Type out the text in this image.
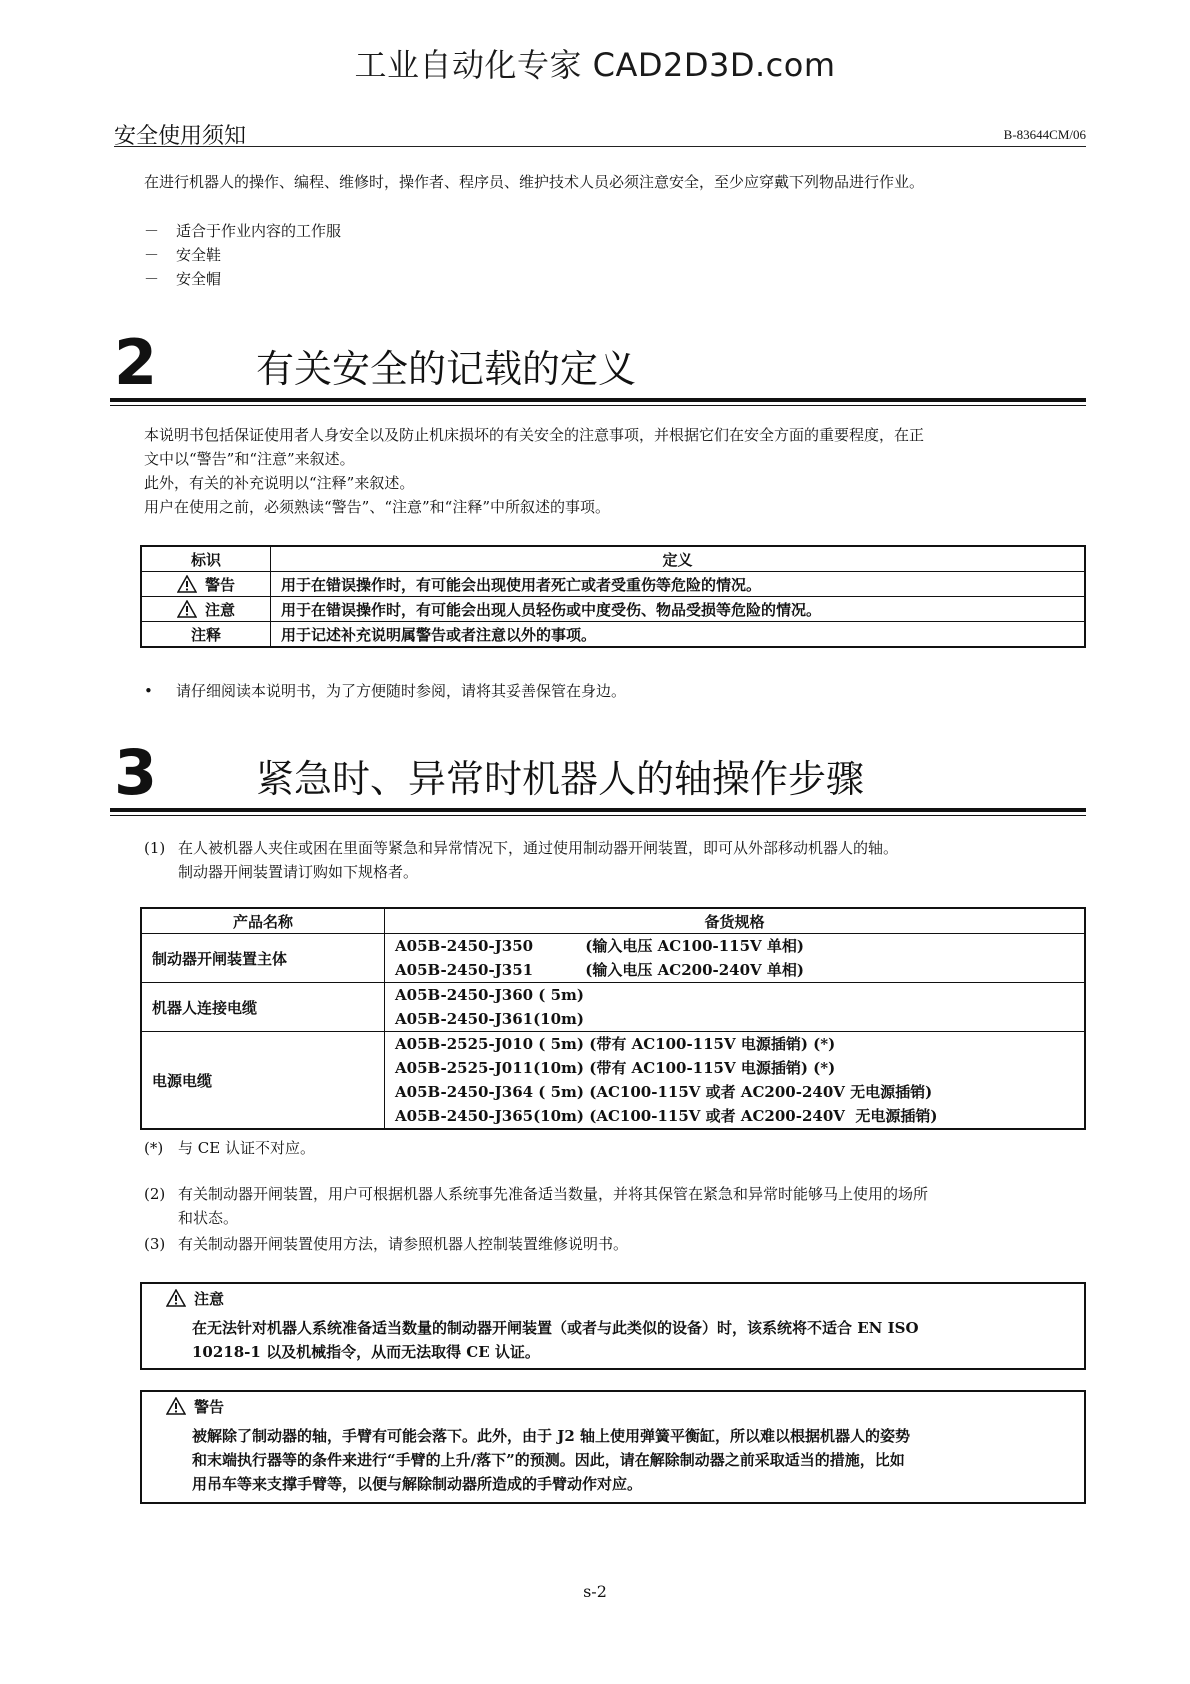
工业自动化专家 CAD2D3D.com
安全使用须知	B-83644CM/06
在进行机器人的操作、编程、维修时，操作者、程序员、维护技术人员必须注意安全，至少应穿戴下列物品进行作业。
－ 适合于作业内容的工作服
－ 安全鞋
－ 安全帽
2	有关安全的记载的定义
本说明书包括保证使用者人身安全以及防止机床损坏的有关安全的注意事项，并根据它们在安全方面的重要程度，在正
文中以“警告”和“注意”来叙述。
此外，有关的补充说明以“注释”来叙述。
用户在使用之前，必须熟读“警告”、“注意”和“注释”中所叙述的事项。
标识	定义
警告	用于在错误操作时，有可能会出现使用者死亡或者受重伤等危险的情况。
注意	用于在错误操作时，有可能会出现人员轻伤或中度受伤、物品受损等危险的情况。
注释	用于记述补充说明属警告或者注意以外的事项。
• 请仔细阅读本说明书，为了方便随时参阅，请将其妥善保管在身边。
3	紧急时、异常时机器人的轴操作步骤
(1) 在人被机器人夹住或困在里面等紧急和异常情况下，通过使用制动器开闸装置，即可从外部移动机器人的轴。
制动器开闸装置请订购如下规格者。
产品名称	备货规格
制动器开闸装置主体	A05B-2450-J350          (输入电压 AC100-115V 单相)
A05B-2450-J351          (输入电压 AC200-240V 单相)

机器人连接电缆	A05B-2450-J360 ( 5m)
A05B-2450-J361(10m)

电源电缆	A05B-2525-J010 ( 5m) (带有 AC100-115V 电源插销) (*)
A05B-2525-J011(10m) (带有 AC100-115V 电源插销) (*)
A05B-2450-J364 ( 5m) (AC100-115V 或者 AC200-240V 无电源插销)
A05B-2450-J365(10m) (AC100-115V 或者 AC200-240V  无电源插销)
(*) 与 CE 认证不对应。
(2) 有关制动器开闸装置，用户可根据机器人系统事先准备适当数量，并将其保管在紧急和异常时能够马上使用的场所
和状态。
(3) 有关制动器开闸装置使用方法，请参照机器人控制装置维修说明书。
注意
在无法针对机器人系统准备适当数量的制动器开闸装置（或者与此类似的设备）时，该系统将不适合 EN ISO
10218-1 以及机械指令，从而无法取得 CE 认证。
警告
被解除了制动器的轴，手臂有可能会落下。此外，由于 J2 轴上使用弹簧平衡缸，所以难以根据机器人的姿势
和末端执行器等的条件来进行“手臂的上升/落下”的预测。因此，请在解除制动器之前采取适当的措施，比如
用吊车等来支撑手臂等，以便与解除制动器所造成的手臂动作对应。
s-2
